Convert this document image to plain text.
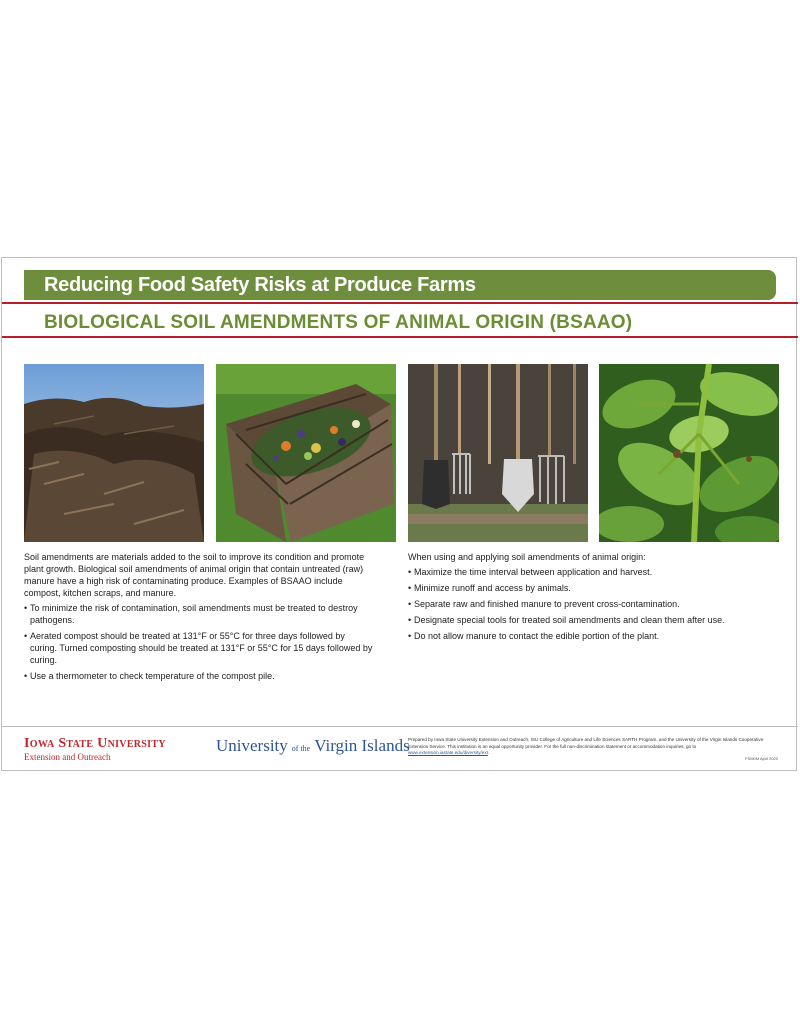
Reducing Food Safety Risks at Produce Farms
BIOLOGICAL SOIL AMENDMENTS OF ANIMAL ORIGIN (BSAAO)

Soil amendments are materials added to the soil to improve its condition and promote plant growth. Biological soil amendments of animal origin that contain untreated (raw) manure have a high risk of contaminating produce. Examples of BSAAO include compost, kitchen scraps, and manure.

• To minimize the risk of contamination, soil amendments must be treated to destroy pathogens.
• Aerated compost should be treated at 131°F or 55°C for three days followed by curing. Turned composting should be treated at 131°F or 55°C for 15 days followed by curing.
• Use a thermometer to check temperature of the compost pile.

When using and applying soil amendments of animal origin:

• Maximize the time interval between application and harvest.
• Minimize runoff and access by animals.
• Separate raw and finished manure to prevent cross-contamination.
• Designate special tools for treated soil amendments and clean them after use.
• Do not allow manure to contact the edible portion of the plant.
Iowa State University
Extension and Outreach
University of the Virgin Islands
Prepared by Iowa State University Extension and Outreach, ISU College of Agriculture and Life Sciences SARTH Program, and the University of the Virgin Islands Cooperative Extension Service. This institution is an equal opportunity provider. For the full non-discrimination statement or accommodation inquiries, go to www.extension.iastate.edu/diversity/ext.
FSM0M April 2020
